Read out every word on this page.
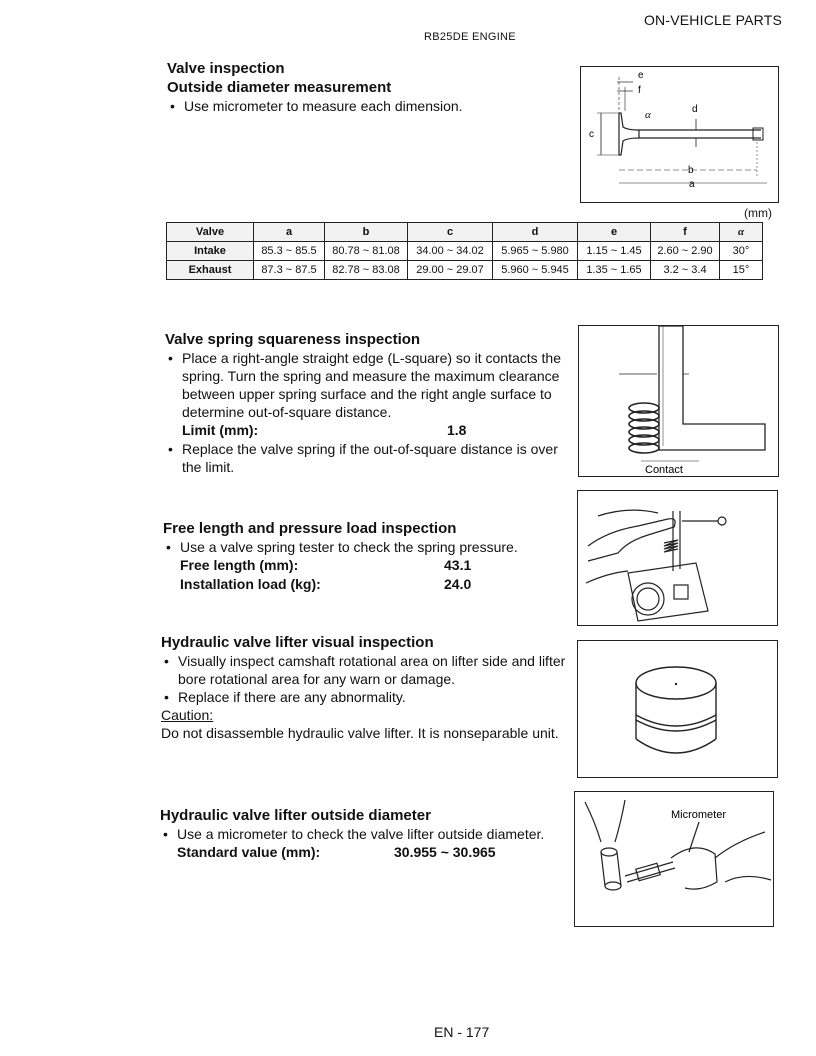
ON-VEHICLE PARTS
RB25DE ENGINE

Valve inspection

Outside diameter measurement

• Use micrometer to measure each dimension.

e
f
α	d
c
b
a
(mm)
Valve	a	b	c	d	e	f	α
Intake	85.3 ~ 85.5	80.78 ~ 81.08	34.00 ~ 34.02	5.965 ~ 5.980	1.15 ~ 1.45	2.60 ~ 2.90	30°
Exhaust	87.3 ~ 87.5	82.78 ~ 83.08	29.00 ~ 29.07	5.960 ~ 5.945	1.35 ~ 1.65	3.2 ~ 3.4	15°

Valve spring squareness inspection

• Place a right-angle straight edge (L-square) so it contacts the spring. Turn the spring and measure the maximum clearance between upper spring surface and the right angle surface to determine out-of-square distance.

Limit (mm):	1.8

• Replace the valve spring if the out-of-square distance is over the limit.	Contact

Free length and pressure load inspection

• Use a valve spring tester to check the spring pressure.

Free length (mm):	43.1
Installation load (kg):	24.0

Hydraulic valve lifter visual inspection

• Visually inspect camshaft rotational area on lifter side and lifter bore rotational area for any warn or damage.

• Replace if there are any abnormality.

Caution:

Do not disassemble hydraulic valve lifter. It is nonseparable unit.

Hydraulic valve lifter outside diameter

• Use a micrometer to check the valve lifter outside diameter.

Standard value (mm):	30.955 ~ 30.965
Micrometer
EN - 177
